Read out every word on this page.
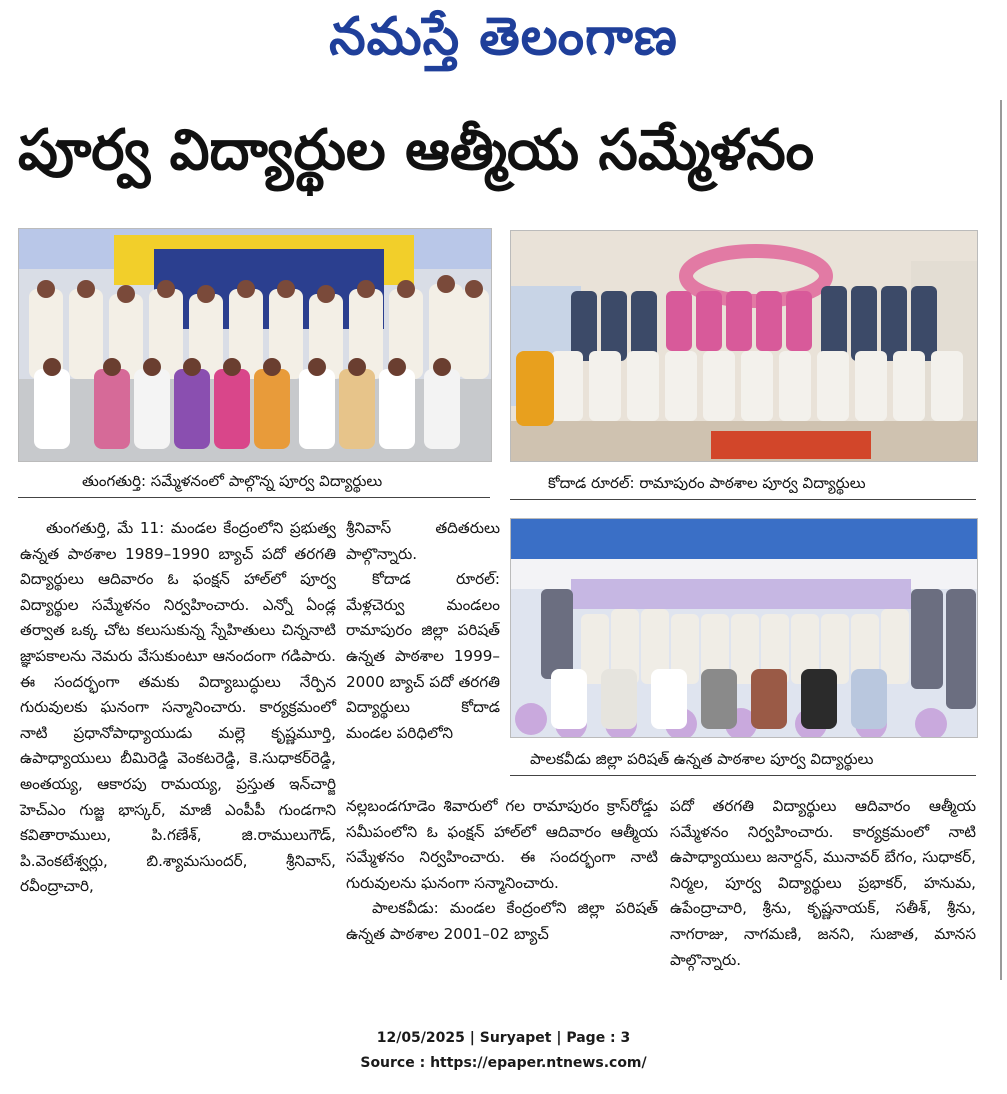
నమస్తే తెలంగాణ
పూర్వ విద్యార్థుల ఆత్మీయ సమ్మేళనం
తుంగతుర్తి: సమ్మేళనంలో పాల్గొన్న పూర్వ విద్యార్థులు	కోదాడ రూరల్: రామాపురం పాఠశాల పూర్వ విద్యార్థులు
పాలకవీడు జిల్లా పరిషత్ ఉన్నత పాఠశాల పూర్వ విద్యార్థులు

తుంగతుర్తి, మే 11: మండల కేంద్రంలోని ప్రభుత్వ ఉన్నత పాఠశాల 1989–1990 బ్యాచ్ పదో తరగతి విద్యార్థులు ఆదివారం ఓ ఫంక్షన్ హాల్‌లో పూర్వ విద్యార్థుల సమ్మేళనం నిర్వహించారు. ఎన్నో ఏండ్ల తర్వాత ఒక్క చోట కలుసుకున్న స్నేహితులు చిన్ననాటి జ్ఞాపకాలను నెమరు వేసుకుంటూ ఆనందంగా గడిపారు. ఈ సందర్భంగా తమకు విద్యాబుద్ధులు నేర్పిన గురువులకు ఘనంగా సన్మానించారు. కార్యక్రమంలో నాటి ప్రధానోపాధ్యాయుడు మల్లె కృష్ణమూర్తి, ఉపాధ్యాయులు బీమిరెడ్డి వెంకటరెడ్డి, కె.సుధాకర్‌రెడ్డి, అంతయ్య, ఆకారపు రామయ్య, ప్రస్తుత ఇన్‌చార్జి హెచ్‌ఎం గుజ్జ భాస్కర్, మాజీ ఎంపీపీ గుండగాని కవితారాములు, పి.గణేశ్, జి.రాములుగౌడ్, పి.వెంకటేశ్వర్లు, బి.శ్యామసుందర్, శ్రీనివాస్, రవీంద్రాచారి,

శ్రీనివాస్ తదితరులు పాల్గొన్నారు.

కోదాడ రూరల్: మేళ్లచెర్వు మండలం రామాపురం జిల్లా పరిషత్ ఉన్నత పాఠశాల 1999–2000 బ్యాచ్ పదో తరగతి విద్యార్థులు కోదాడ మండల పరిధిలోని

నల్లబండగూడెం శివారులో గల రామాపురం క్రాస్‌రోడ్డు సమీపంలోని ఓ ఫంక్షన్ హాల్‌లో ఆదివారం ఆత్మీయ సమ్మేళనం నిర్వహించారు. ఈ సందర్భంగా నాటి గురువులను ఘనంగా సన్మానించారు.

పాలకవీడు: మండల కేంద్రంలోని జిల్లా పరిషత్ ఉన్నత పాఠశాల 2001–02 బ్యాచ్

పదో తరగతి విద్యార్థులు ఆదివారం ఆత్మీయ సమ్మేళనం నిర్వహించారు. కార్యక్రమంలో నాటి ఉపాధ్యాయులు జనార్దన్, మునావర్ బేగం, సుధాకర్, నిర్మల, పూర్వ విద్యార్థులు ప్రభాకర్, హనుమ, ఉపేంద్రాచారి, శ్రీను, కృష్ణనాయక్, సతీశ్, శ్రీను, నాగరాజు, నాగమణి, జనని, సుజాత, మానస పాల్గొన్నారు.

12/05/2025 | Suryapet | Page : 3
Source : https://epaper.ntnews.com/
